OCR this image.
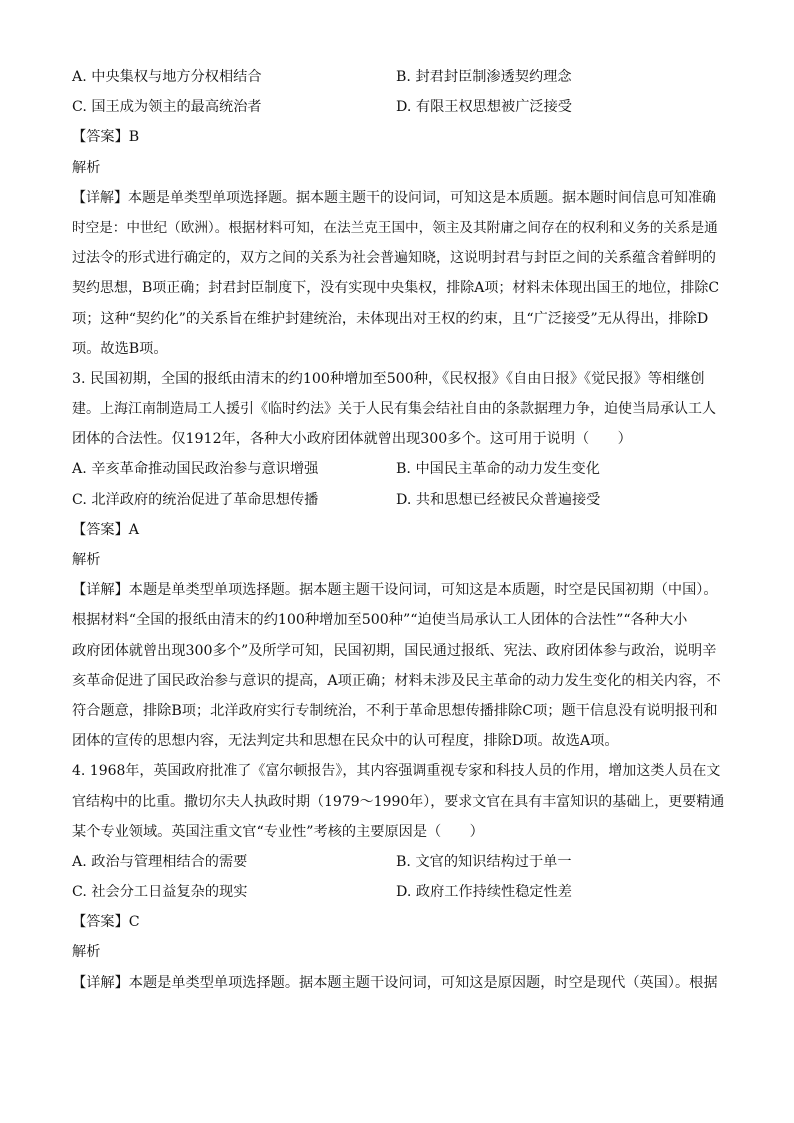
A. 中央集权与地方分权相结合	B. 封君封臣制渗透契约理念
C. 国王成为领主的最高统治者	D. 有限王权思想被广泛接受
【答案】B
解析
【详解】本题是单类型单项选择题。据本题主题干的设问词，可知这是本质题。据本题时间信息可知准确
时空是：中世纪（欧洲）。根据材料可知，在法兰克王国中，领主及其附庸之间存在的权利和义务的关系是通
过法令的形式进行确定的，双方之间的关系为社会普遍知晓，这说明封君与封臣之间的关系蕴含着鲜明的
契约思想，B项正确；封君封臣制度下，没有实现中央集权，排除A项；材料未体现出国王的地位，排除C
项；这种“契约化”的关系旨在维护封建统治，未体现出对王权的约束，且“广泛接受”无从得出，排除D
项。故选B项。
3. 民国初期，全国的报纸由清末的约100种增加至500种，《民权报》《自由日报》《觉民报》等相继创
建。上海江南制造局工人援引《临时约法》关于人民有集会结社自由的条款据理力争，迫使当局承认工人
团体的合法性。仅1912年，各种大小政府团体就曾出现300多个。这可用于说明（　　）
A. 辛亥革命推动国民政治参与意识增强	B. 中国民主革命的动力发生变化
C. 北洋政府的统治促进了革命思想传播	D. 共和思想已经被民众普遍接受
【答案】A
解析
【详解】本题是单类型单项选择题。据本题主题干设问词，可知这是本质题，时空是民国初期（中国）。
根据材料“全国的报纸由清末的约100种增加至500种”“迫使当局承认工人团体的合法性”“各种大小
政府团体就曾出现300多个”及所学可知，民国初期，国民通过报纸、宪法、政府团体参与政治，说明辛
亥革命促进了国民政治参与意识的提高，A项正确；材料未涉及民主革命的动力发生变化的相关内容，不
符合题意，排除B项；北洋政府实行专制统治，不利于革命思想传播排除C项；题干信息没有说明报刊和
团体的宣传的思想内容，无法判定共和思想在民众中的认可程度，排除D项。故选A项。
4. 1968年，英国政府批准了《富尔顿报告》，其内容强调重视专家和科技人员的作用，增加这类人员在文
官结构中的比重。撒切尔夫人执政时期（1979～1990年），要求文官在具有丰富知识的基础上，更要精通
某个专业领域。英国注重文官“专业性”考核的主要原因是（　　）
A. 政治与管理相结合的需要	B. 文官的知识结构过于单一
C. 社会分工日益复杂的现实	D. 政府工作持续性稳定性差
【答案】C
解析
【详解】本题是单类型单项选择题。据本题主题干设问词，可知这是原因题，时空是现代（英国）。根据
